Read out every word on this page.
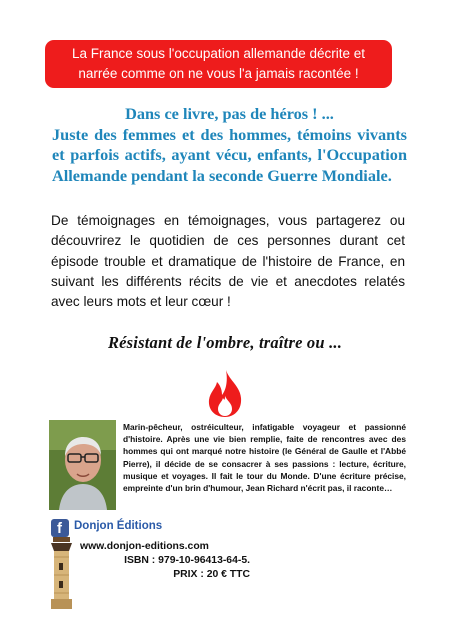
La France sous l'occupation allemande décrite et
narrée comme on ne vous l'a jamais racontée !
Dans ce livre, pas de héros ! ...
Juste des femmes et des hommes, témoins vivants et parfois actifs, ayant vécu, enfants, l'Occupation Allemande pendant la seconde Guerre Mondiale.
De témoignages en témoignages, vous partagerez ou découvrirez le quotidien de ces personnes durant cet épisode trouble et dramatique de l'histoire de France, en suivant les différents récits de vie et anecdotes relatés avec leurs mots et leur cœur !
Résistant de l'ombre, traître ou ...
Marin-pêcheur, ostréiculteur, infatigable voyageur et passionné d'histoire. Après une vie bien remplie, faite de rencontres avec des hommes qui ont marqué notre histoire (le Général de Gaulle et l'Abbé Pierre), il décide de se consacrer à ses passions : lecture, écriture, musique et voyages. Il fait le tour du Monde. D'une écriture précise, empreinte d'un brin d'humour, Jean Richard n'écrit pas, il raconte…
f Donjon Éditions
www.donjon-editions.com
ISBN : 979-10-96413-64-5.
PRIX : 20 € TTC
